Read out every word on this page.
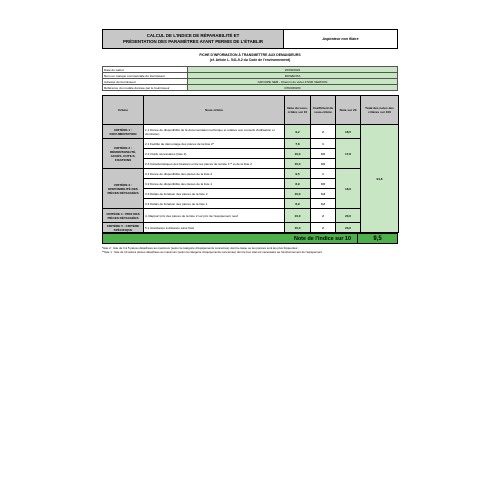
CALCUL DE L'INDICE DE RÉPARABILITÉ ET
PRÉSENTATION DES PARAMÈTRES AYANT PERMIS DE L'ÉTABLIR	Aspirateur non filaire
FICHE D'INFORMATION À TRANSMETTRE AUX DEMANDEURS
(cf. Article L. 541-9-2 du Code de l'environnement)
Date du calcul	20/09/2022
Nom ou marque commerciale du fournisseur	ROWENTA
Adresse du fournisseur	GROUPE SEB - Chemin du viviet 27200 VERNON
Référence du modèle donnée par le fournisseur	RH2039W0
Critère	Sous-critère	Note du sous-critère sur 10	Coefficient du sous-critère	Note sur 20	Total des notes des critères sur 100
CRITÈRE 1 : DOCUMENTATION	1.1 Durée de disponibilité de la documentation technique et relative aux conseils d'utilisation et d'entretien	9,2	2	18,5	94,8
CRITÈRE 2 : DÉMONTABILITÉ, ACCÈS, OUTILS, FIXATIONS	2.1 Facilité de démontage des pièces de la liste 2*	7,8	1	17,8	
	2.2 Outils nécessaires (liste 2)	10,0	0,5		
	2.3 Caractéristiques des fixations entre les pièces de la liste 1** et de la liste 2	10,0	0,5		
CRITÈRE 3 : DISPONIBILITÉ DES PIÈCES DÉTACHÉES	3.1 Durée de disponibilité des pièces de la liste 2	9,5	1	18,6	
	3.2 Durée de disponibilité des pièces de la liste 1	8,9	0,5		
	3.3 Délais de livraison des pièces de la liste 2	10,0	0,3		
	3.4 Délais de livraison des pièces de la liste 1	8,9	0,2		
CRITÈRE 4 : PRIX DES PIÈCES DÉTACHÉES	4. Rapport prix des pièces de la liste 2 sur prix de l'équipement neuf	10,0	2	20,0	
CRITÈRE 5 : CRITÈRE SPÉCIFIQUE	5.1 Assistance à distance sans frais	10,0	2	20,0	
Note de l'indice sur 10	9,5
*liste 2 : liste de 3 à 5 pièces détachées au maximum (selon la catégorie d'équipements concernée) dont la casse ou les pannes sont les plus fréquentes ;
**liste 1 : liste de 10 autres pièces détachées au maximum (selon la catégorie d'équipements concernée) dont le bon état est nécessaire au fonctionnement de l'équipement.
